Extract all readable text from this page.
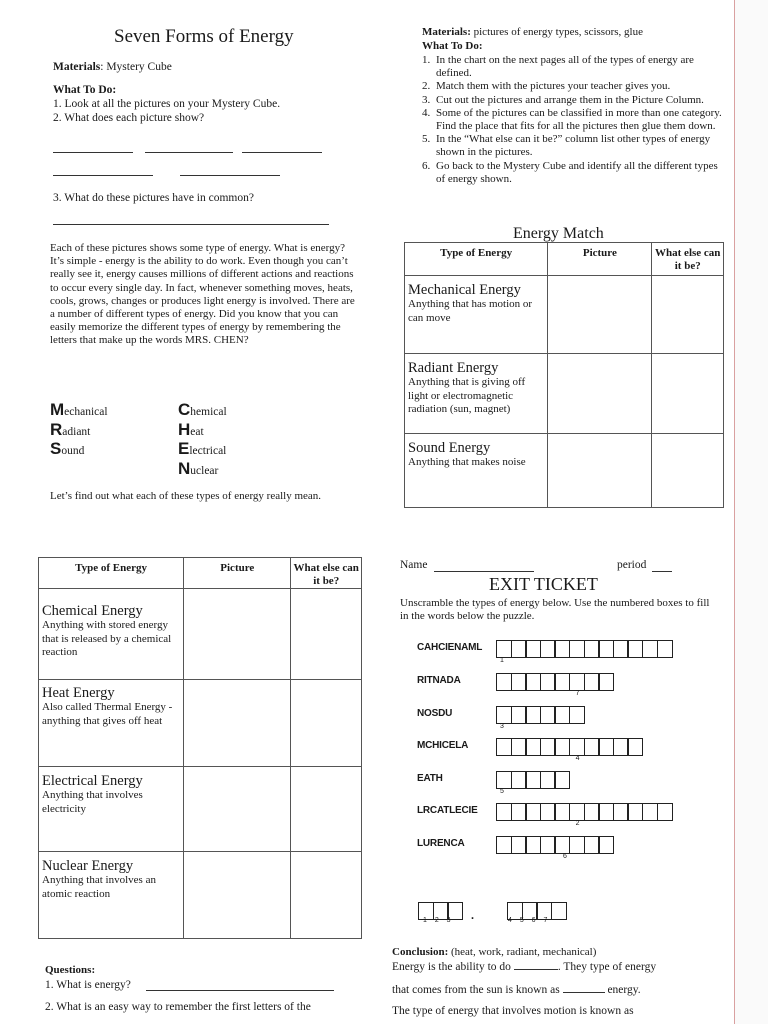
Seven Forms of Energy
Materials: Mystery Cube
What To Do:
1. Look at all the pictures on your Mystery Cube.
2. What does each picture show?
3. What do these pictures have in common?
Each of these pictures shows some type of energy. What is energy? It’s simple - energy is the ability to do work. Even though you can’t really see it, energy causes millions of different actions and reactions to occur every single day. In fact, whenever something moves, heats, cools, grows, changes or produces light energy is involved. There are a number of different types of energy. Did you know that you can easily memorize the different types of energy by remembering the letters that make up the words MRS. CHEN?
Mechanical
Radiant
Sound
Chemical
Heat
Electrical
Nuclear
Let’s find out what each of these types of energy really mean.
Materials: pictures of energy types, scissors, glue
What To Do:
1. In the chart on the next pages all of the types of energy are defined.
2. Match them with the pictures your teacher gives you.
3. Cut out the pictures and arrange them in the Picture Column.
4. Some of the pictures can be classified in more than one category. Find the place that fits for all the pictures then glue them down.
5. In the “What else can it be?” column list other types of energy shown in the pictures.
6. Go back to the Mystery Cube and identify all the different types of energy shown.
Energy Match
Type of Energy	Picture	What else can it be?

Mechanical Energy
Anything that has motion or can move		

Radiant Energy
Anything that is giving off light or electromagnetic radiation (sun, magnet)		

Sound Energy
Anything that makes noise		

Type of Energy	Picture	What else can it be?

Chemical Energy
Anything with stored energy that is released by a chemical reaction		

Heat Energy
Also called Thermal Energy - anything that gives off heat		

Electrical Energy
Anything that involves electricity		

Nuclear Energy
Anything that involves an atomic reaction		

Questions:
1. What is energy?
2. What is an easy way to remember the first letters of the
Name	period
EXIT TICKET
Unscramble the types of energy below. Use the numbered boxes to fill in the words below the puzzle.
CAHCIENAML
1
RITNADA
7
NOSDU
3
MCHICELA
4
EATH
5
LRCATLECIE
2
LURENCA
6
.
1 2 3	4 5 6 7
Conclusion: (heat, work, radiant, mechanical)
Energy is the ability to do	. They type of energy
that comes from the sun is known as	energy.
The type of energy that involves motion is known as
